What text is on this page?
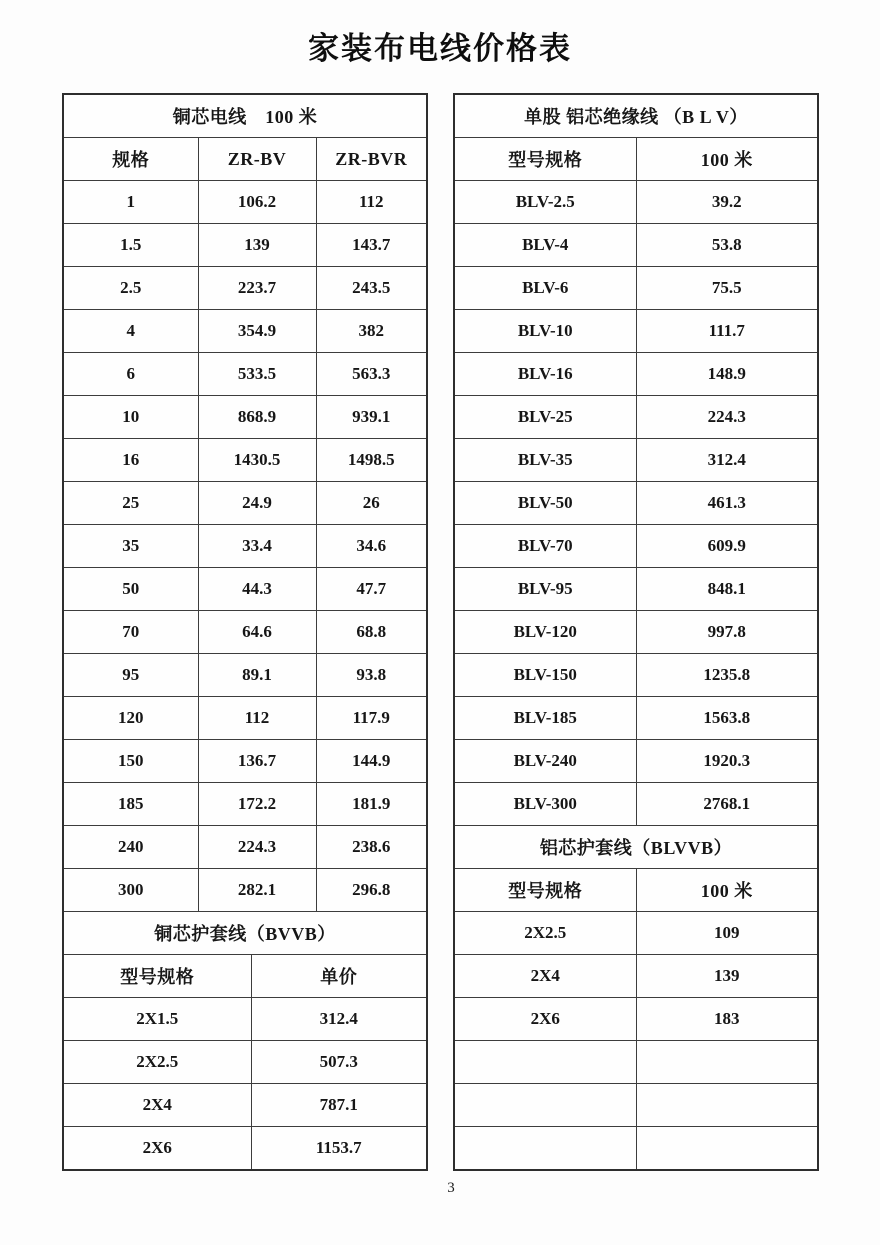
家装布电线价格表
铜芯电线　100 米			
规格	ZR-BV		ZR-BVR
1	106.2		112
1.5	139		143.7
2.5	223.7		243.5
4	354.9		382
6	533.5		563.3
10	868.9		939.1
16	1430.5		1498.5
25	24.9		26
35	33.4		34.6
50	44.3		47.7
70	64.6		68.8
95	89.1		93.8
120	112		117.9
150	136.7		144.9
185	172.2		181.9
240	224.3		238.6
300	282.1		296.8
铜芯护套线（BVVB）			
型号规格		单价	
2X1.5		312.4	
2X2.5		507.3	
2X4		787.1	
2X6		1153.7	
单股 铝芯绝缘线 （B L V）	
型号规格	100 米
BLV-2.5	39.2
BLV-4	53.8
BLV-6	75.5
BLV-10	111.7
BLV-16	148.9
BLV-25	224.3
BLV-35	312.4
BLV-50	461.3
BLV-70	609.9
BLV-95	848.1
BLV-120	997.8
BLV-150	1235.8
BLV-185	1563.8
BLV-240	1920.3
BLV-300	2768.1
铝芯护套线（BLVVB）	
型号规格	100 米
2X2.5	109
2X4	139
2X6	183

3
